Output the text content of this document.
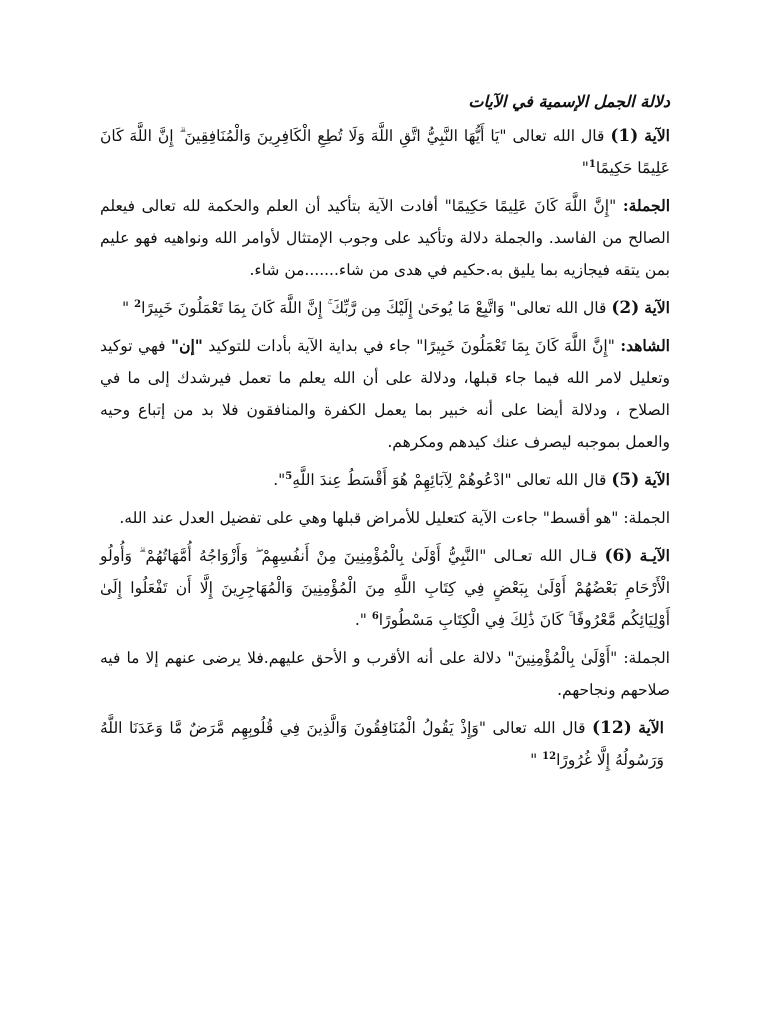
دلالة الجمل الإسمية في الآيات

الآية (1) قال الله تعالى "يَا أَيُّهَا النَّبِيُّ اتَّقِ اللَّهَ وَلَا تُطِعِ الْكَافِرِينَ وَالْمُنَافِقِينَ ۗ إِنَّ اللَّهَ كَانَ عَلِيمًا حَكِيمًا$^1$"

الجملة: "إِنَّ اللَّهَ كَانَ عَلِيمًا حَكِيمًا" أفادت الآية بتأكيد أن العلم والحكمة لله تعالى فيعلم الصالح من الفاسد. والجملة دلالة وتأكيد على وجوب الإمتثال لأوامر الله ونواهيه فهو عليم بمن يتقه فيجازيه بما يليق به.حكيم في هدى من شاء.......من شاء.

الآية (2) قال الله تعالى" وَاتَّبِعْ مَا يُوحَىٰ إِلَيْكَ مِن رَّبِّكَ ۚ إِنَّ اللَّهَ كَانَ بِمَا تَعْمَلُونَ خَبِيرًا$^2$ "

الشاهد: "إِنَّ اللَّهَ كَانَ بِمَا تَعْمَلُونَ خَبِيرًا" جاء في بداية الآية بأدات للتوكيد "إن" فهي توكيد وتعليل لامر الله فيما جاء قبلها، ودلالة على أن الله يعلم ما تعمل فيرشدك إلى ما في الصلاح ، ودلالة أيضا على أنه خبير بما يعمل الكفرة والمنافقون فلا بد من إتباع وحيه والعمل بموجبه ليصرف عنك كيدهم ومكرهم.

الآية (5) قال الله تعالى "ادْعُوهُمْ لِآبَائِهِمْ هُوَ أَقْسَطُ عِندَ اللَّهِ$^5$".

الجملة: "هو أقسط" جاءت الآية كتعليل للأمراض قبلها وهي على تفضيل العدل عند الله.

الآيـة (6) قـال الله تعـالى "النَّبِيُّ أَوْلَىٰ بِالْمُؤْمِنِينَ مِنْ أَنفُسِهِمْ ۖ وَأَزْوَاجُهُ أُمَّهَاتُهُمْ ۗ وَأُولُو الْأَرْحَامِ بَعْضُهُمْ أَوْلَىٰ بِبَعْضٍ فِي كِتَابِ اللَّهِ مِنَ الْمُؤْمِنِينَ وَالْمُهَاجِرِينَ إِلَّا أَن تَفْعَلُوا إِلَىٰ أَوْلِيَائِكُم مَّعْرُوفًا ۚ كَانَ ذَٰلِكَ فِي الْكِتَابِ مَسْطُورًا$^6$ ".

الجملة: "أَوْلَىٰ بِالْمُؤْمِنِينَ" دلالة على أنه الأقرب و الأحق عليهم.فلا يرضى عنهم إلا ما فيه صلاحهم ونجاحهم.

الآية (12) قال الله تعالى "وَإِذْ يَقُولُ الْمُنَافِقُونَ وَالَّذِينَ فِي قُلُوبِهِم مَّرَضٌ مَّا وَعَدَنَا اللَّهُ وَرَسُولُهُ إِلَّا غُرُورًا$^{12}$ "
